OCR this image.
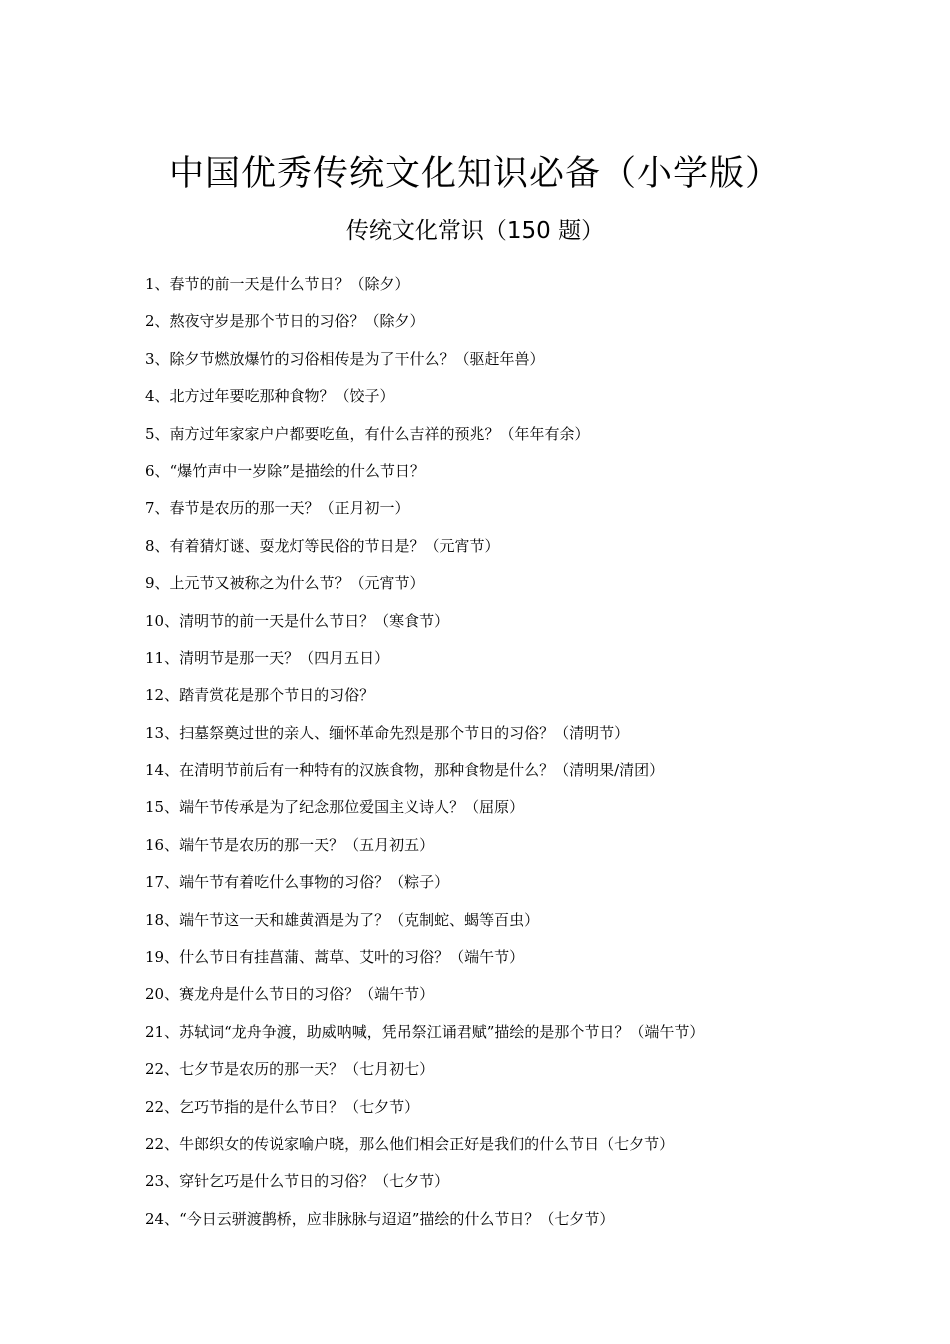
中国优秀传统文化知识必备（小学版）
传统文化常识（150 题）
1、 春节的前一天是什么节日？（除夕）
2、 熬夜守岁是那个节日的习俗？（除夕）
3、 除夕节燃放爆竹的习俗相传是为了干什么？（驱赶年兽）
4、 北方过年要吃那种食物？（饺子）
5、 南方过年家家户户都要吃鱼，有什么吉祥的预兆？（年年有余）
6、 “爆竹声中一岁除”是描绘的什么节日？
7、 春节是农历的那一天？（正月初一）
8、 有着猜灯谜、耍龙灯等民俗的节日是？（元宵节）
9、 上元节又被称之为什么节？（元宵节）
10、 清明节的前一天是什么节日？（寒食节）
11、 清明节是那一天？（四月五日）
12、 踏青赏花是那个节日的习俗？
13、 扫墓祭奠过世的亲人、缅怀革命先烈是那个节日的习俗？（清明节）
14、 在清明节前后有一种特有的汉族食物，那种食物是什么？（清明果/清团）
15、 端午节传承是为了纪念那位爱国主义诗人？（屈原）
16、 端午节是农历的那一天？（五月初五）
17、 端午节有着吃什么事物的习俗？（粽子）
18、 端午节这一天和雄黄酒是为了？（克制蛇、蝎等百虫）
19、 什么节日有挂菖蒲、蒿草、艾叶的习俗？（端午节）
20、 赛龙舟是什么节日的习俗？（端午节）
21、 苏轼词“龙舟争渡，助威呐喊，凭吊祭江诵君赋”描绘的是那个节日？（端午节）
22、 七夕节是农历的那一天？（七月初七）
22、 乞巧节指的是什么节日？（七夕节）
22、 牛郎织女的传说家喻户晓，那么他们相会正好是我们的什么节日（七夕节）
23、 穿针乞巧是什么节日的习俗？（七夕节）
24、 “今日云骈渡鹊桥，应非脉脉与迢迢”描绘的什么节日？（七夕节）
